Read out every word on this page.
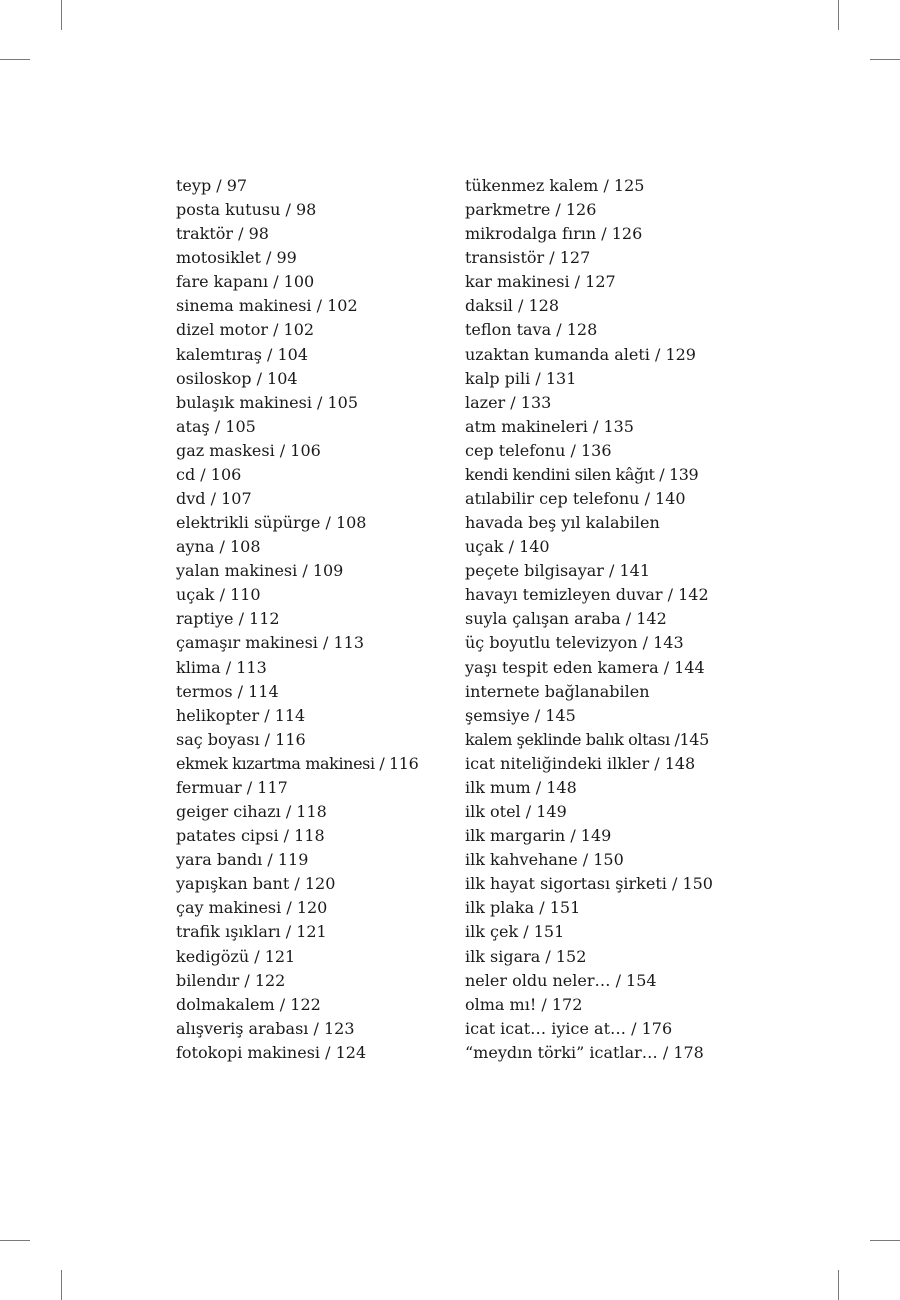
teyp / 97
posta kutusu / 98
traktör / 98
motosiklet / 99
fare kapanı / 100
sinema makinesi / 102
dizel motor / 102
kalemtıraş / 104
osiloskop / 104
bulaşık makinesi / 105
ataş / 105
gaz maskesi / 106
cd / 106
dvd / 107
elektrikli süpürge / 108
ayna / 108
yalan makinesi / 109
uçak / 110
raptiye / 112
çamaşır makinesi / 113
klima / 113
termos / 114
helikopter / 114
saç boyası / 116
ekmek kızartma makinesi / 116
fermuar / 117
geiger cihazı / 118
patates cipsi / 118
yara bandı / 119
yapışkan bant / 120
çay makinesi / 120
trafik ışıkları / 121
kedigözü / 121
bilendır / 122
dolmakalem / 122
alışveriş arabası / 123
fotokopi makinesi / 124
tükenmez kalem / 125
parkmetre / 126
mikrodalga fırın / 126
transistör / 127
kar makinesi / 127
daksil / 128
teflon tava / 128
uzaktan kumanda aleti / 129
kalp pili / 131
lazer / 133
atm makineleri / 135
cep telefonu / 136
kendi kendini silen kâğıt / 139
atılabilir cep telefonu / 140
havada beş yıl kalabilen
uçak / 140
peçete bilgisayar / 141
havayı temizleyen duvar / 142
suyla çalışan araba / 142
üç boyutlu televizyon / 143
yaşı tespit eden kamera / 144
internete bağlanabilen
şemsiye / 145
kalem şeklinde balık oltası /145
icat niteliğindeki ilkler / 148
ilk mum / 148
ilk otel / 149
ilk margarin / 149
ilk kahvehane / 150
ilk hayat sigortası şirketi / 150
ilk plaka / 151
ilk çek / 151
ilk sigara / 152
neler oldu neler… / 154
olma mı! / 172
icat icat… iyice at… / 176
“meydın törki” icatlar… / 178
